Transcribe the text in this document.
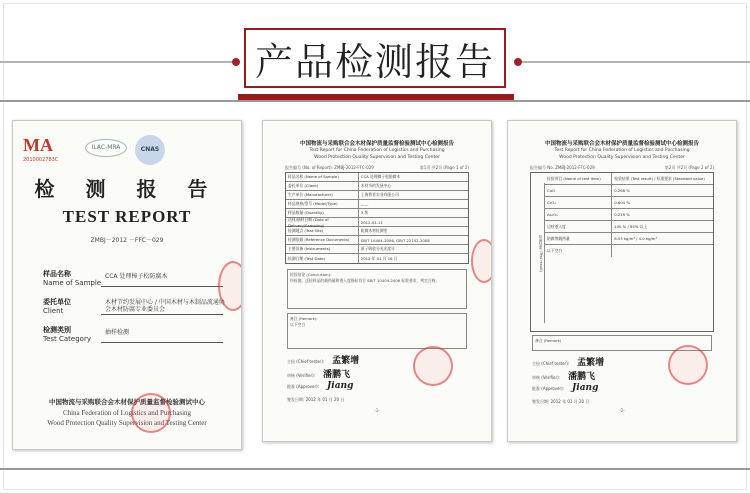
产品检测报告
MA
2010002783C
ILAC-MRA	CNAS
检 测 报 告
TEST REPORT
ZMBJ－2012 －FFC－029
样品名称
Name of Sample
CCA 处理樟子松防腐木
委托单位
Client
木材节约发展中心 / 中国木材与木制品流通协会木材防腐专业委员会
检测类别
Test Category
抽样检测
中国物流与采购联合会木材保护质量监督检验测试中心
China Federation of Logistics and Purchasing
Wood Protection Quality Supervision and Testing Center
中国物流与采购联合会木材保护质量监督检验测试中心检测报告
Test Report for China Federation of Logistics and Purchasing
Wood Protection Quality Supervision and Testing Center
报告编号 (No. of Report): ZMBJ-2012-FFC-029	第1页 共2页 (Page 1 of 2)
样品名称 (Name of Sample)	CCA 处理樟子松防腐木
委托单位 (Client)	木材节约发展中心
生产单位 (Manufacturer)	上海普晋实业有限公司
样品规格/型号 (Model/Type)	——
样品数量 (Quantity)	3 块
送样/抽样日期 (Date of Delivery/Sampling)
2012-01-11
检测地点 (Test Site)	防腐木材检测室
检测依据 (Reference Documents)	SB/T 10404-2006, GB/T 22102-2008
主要设备 (Instruments)	原子吸收分光光度计
检测日期 (Test Date)	2012 年 01 月 16 日
检验结论 (Conclusion):
经检测，送检样品的载药量和透入度指标符合 SB/T 10404-2006 标准要求，判定合格。
备注 (Remark):
以下空白
主检 (Chief tester): 孟繁增
审核 (Verifier): 潘鹏飞
批准 (Approver): Jiang
签发日期: 2012 年 01 月 20 日
-1-
中国物流与采购联合会木材保护质量监督检验测试中心检测报告
Test Report for China Federation of Logistics and Purchasing
Wood Protection Quality Supervision and Testing Center
报告编号 No. ZMBJ-2012-FFC-029	第2页 共2页 (Page 2 of 2)
检测结果 (Test result)
检验项目 (Name of test item)	检验结果 (Test result) / 标准要求 (Standard value)
CuO	0.268 %
CrO₃	0.604 %
As₂O₅	0.219 %
边材透入度	100 % / 85% 以上
防腐剂载药量	6.53 kg/m³ / 4.0 kg/m³
以下空白
备注 (Remark)
主检 (Chief tester): 孟繁增
审核 (Verifier): 潘鹏飞
批准 (Approver): Jiang
签发日期: 2012 年 01 月 20 日
-2-
